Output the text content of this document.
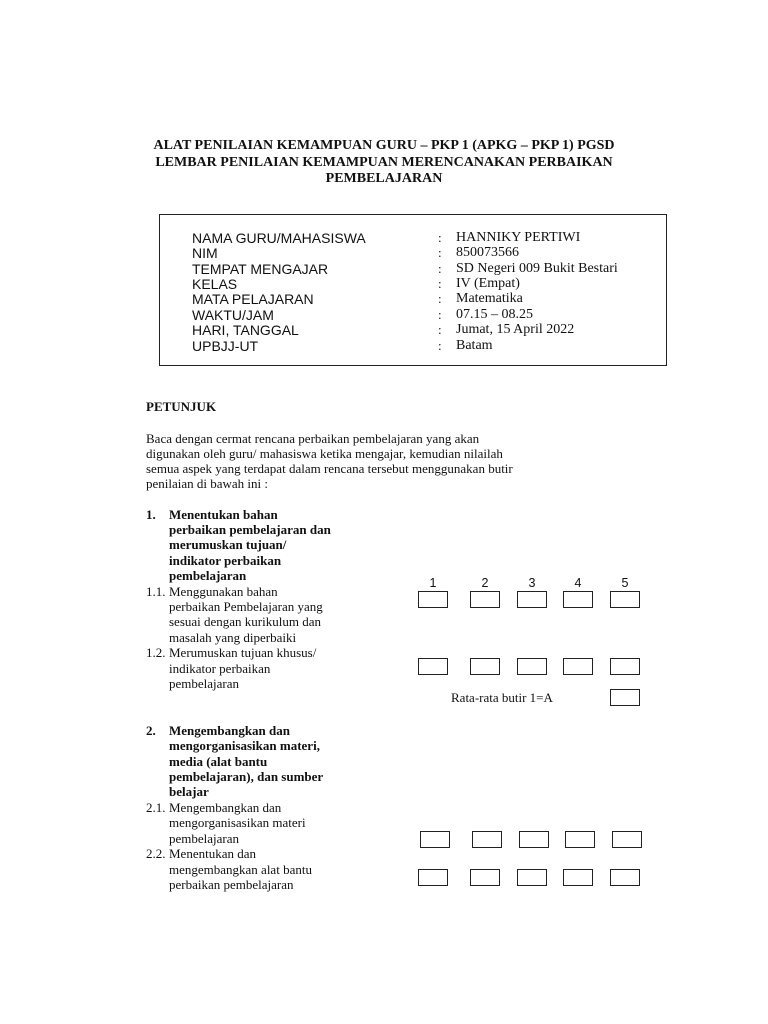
ALAT PENILAIAN KEMAMPUAN GURU – PKP 1 (APKG – PKP 1) PGSD
LEMBAR PENILAIAN KEMAMPUAN MERENCANAKAN PERBAIKAN
PEMBELAJARAN
NAMA GURU/MAHASISWA	: HANNIKY PERTIWI
NIM	: 850073566
TEMPAT MENGAJAR	: SD Negeri 009 Bukit Bestari
KELAS	: IV (Empat)
MATA PELAJARAN	: Matematika
WAKTU/JAM	: 07.15 – 08.25
HARI, TANGGAL	: Jumat, 15 April 2022
UPBJJ-UT	: Batam
PETUNJUK
Baca dengan cermat rencana perbaikan pembelajaran yang akan
digunakan oleh guru/ mahasiswa ketika mengajar, kemudian nilailah
semua aspek yang terdapat dalam rencana tersebut menggunakan butir
penilaian di bawah ini :
1. Menentukan bahan
perbaikan pembelajaran dan
merumuskan tujuan/
indikator perbaikan
pembelajaran	1	2	3	4	5
1.1. Menggunakan bahan
perbaikan Pembelajaran yang
sesuai dengan kurikulum dan
masalah yang diperbaiki
1.2. Merumuskan tujuan khusus/
indikator perbaikan
pembelajaran
Rata-rata butir 1=A
2. Mengembangkan dan
mengorganisasikan materi,
media (alat bantu
pembelajaran), dan sumber
belajar
2.1. Mengembangkan dan
mengorganisasikan materi
pembelajaran
2.2. Menentukan dan
mengembangkan alat bantu
perbaikan pembelajaran
